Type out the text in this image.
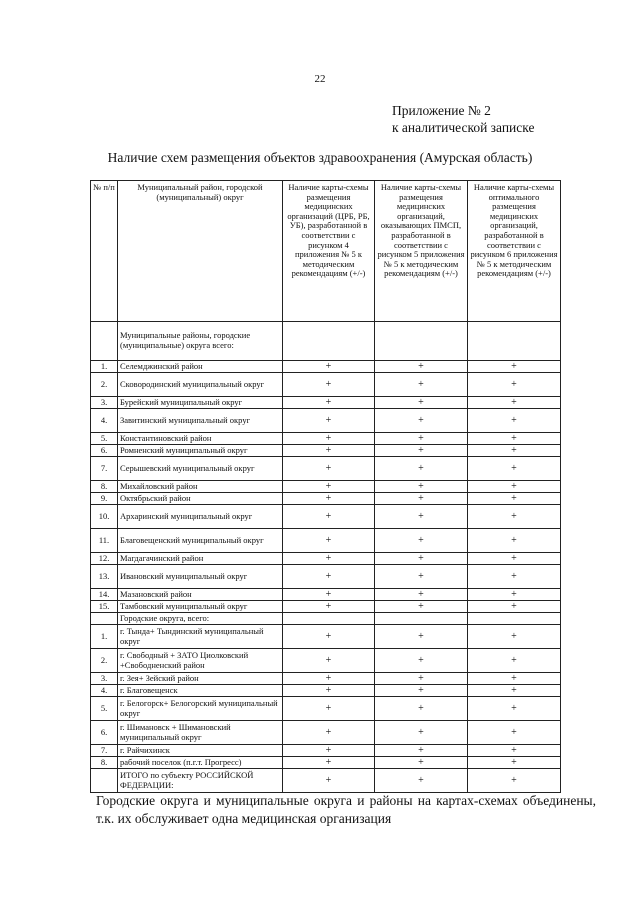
22
Приложение № 2
к аналитической записке
Наличие схем размещения объектов здравоохранения (Амурская область)
№ п/п	Муниципальный район, городской (муниципальный) округ	Наличие карты-схемы размещения медицинских организаций (ЦРБ, РБ, УБ), разработанной в соответствии с рисунком 4 приложения № 5 к методическим рекомендациям (+/-)	Наличие карты-схемы размещения медицинских организаций, оказывающих ПМСП, разработанной в соответствии с рисунком 5 приложения № 5 к методическим рекомендациям (+/-)	Наличие карты-схемы оптимального размещения медицинских организаций, разработанной в соответствии с рисунком 6 приложения № 5 к методическим рекомендациям (+/-)
	Муниципальные районы, городские (муниципальные) округа всего:			
1.	Селемджинский район	+	+	+
2.	Сковородинский муниципальный округ	+	+	+
3.	Бурейский муниципальный округ	+	+	+
4.	Завитинский муниципальный округ	+	+	+
5.	Константиновский район	+	+	+
6.	Ромненский муниципальный округ	+	+	+
7.	Серышевский муниципальный округ	+	+	+
8.	Михайловский район	+	+	+
9.	Октябрьский район	+	+	+
10.	Архаринский муниципальный округ	+	+	+
11.	Благовещенский муниципальный округ	+	+	+
12.	Магдагачинский район	+	+	+
13.	Ивановский муниципальный округ	+	+	+
14.	Мазановский район	+	+	+
15.	Тамбовский муниципальный округ	+	+	+
	Городские округа, всего:			
1.	г. Тында+ Тындинский муниципальный округ	+	+	+
2.	г. Свободный + ЗАТО Циолковский +Свободненский район	+	+	+
3.	г. Зея+ Зейский район	+	+	+
4.	г. Благовещенск	+	+	+
5.	г. Белогорск+ Белогорский муниципальный округ	+	+	+
6.	г. Шимановск + Шимановский муниципальный округ	+	+	+
7.	г. Райчихинск	+	+	+
8.	рабочий поселок (п.г.т. Прогресс)	+	+	+
	ИТОГО по субъекту РОССИЙСКОЙ ФЕДЕРАЦИИ:	+	+	+
Городские округа и муниципальные округа и районы на картах-схемах объединены, т.к. их обслуживает одна медицинская организация
